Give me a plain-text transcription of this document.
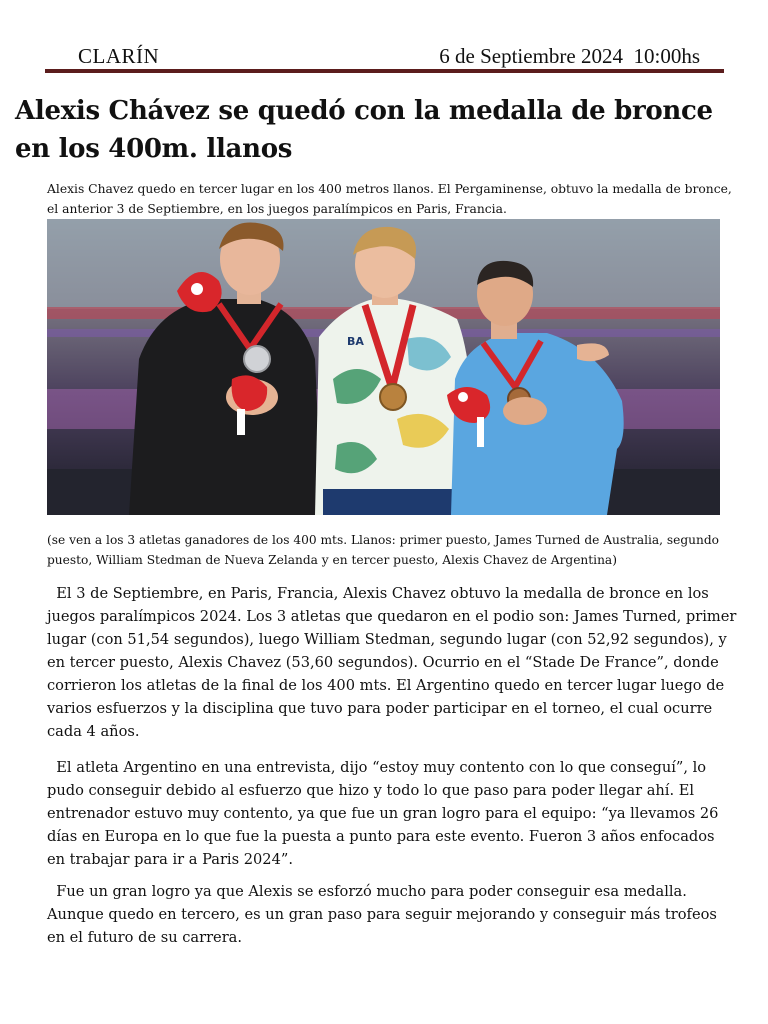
CLARÍN	6 de Septiembre 2024  10:00hs
Alexis Chávez se quedó con la medalla de bronce en los 400m. llanos

Alexis Chavez quedo en tercer lugar en los 400 metros llanos. El Pergaminense, obtuvo la medalla de bronce, el anterior 3 de Septiembre, en los juegos paralímpicos en Paris, Francia.

BA

(se ven a los 3 atletas ganadores de los 400 mts. Llanos: primer puesto, James Turned de Australia, segundo puesto, William Stedman de Nueva Zelanda y en tercer puesto, Alexis Chavez de Argentina)

El 3 de Septiembre, en Paris, Francia, Alexis Chavez obtuvo la medalla de bronce en los juegos paralímpicos 2024. Los 3 atletas que quedaron en el podio son: James Turned, primer lugar (con 51,54 segundos), luego William Stedman, segundo lugar (con 52,92 segundos), y en tercer puesto, Alexis Chavez (53,60 segundos). Ocurrio en el “Stade De France”, donde corrieron los atletas de la final de los 400 mts. El Argentino quedo en tercer lugar luego de varios esfuerzos y la disciplina que tuvo para poder participar en el torneo, el cual ocurre cada 4 años.

El atleta Argentino en una entrevista, dijo “estoy muy contento con lo que conseguí”, lo pudo conseguir debido al esfuerzo que hizo y todo lo que paso para poder llegar ahí. El entrenador estuvo muy contento, ya que fue un gran logro para el equipo: “ya llevamos 26 días en Europa en lo que fue la puesta a punto para este evento. Fueron 3 años enfocados en trabajar para ir a Paris 2024”.

Fue un gran logro ya que Alexis se esforzó mucho para poder conseguir esa medalla. Aunque quedo en tercero, es un gran paso para seguir mejorando y conseguir más trofeos en el futuro de su carrera.
